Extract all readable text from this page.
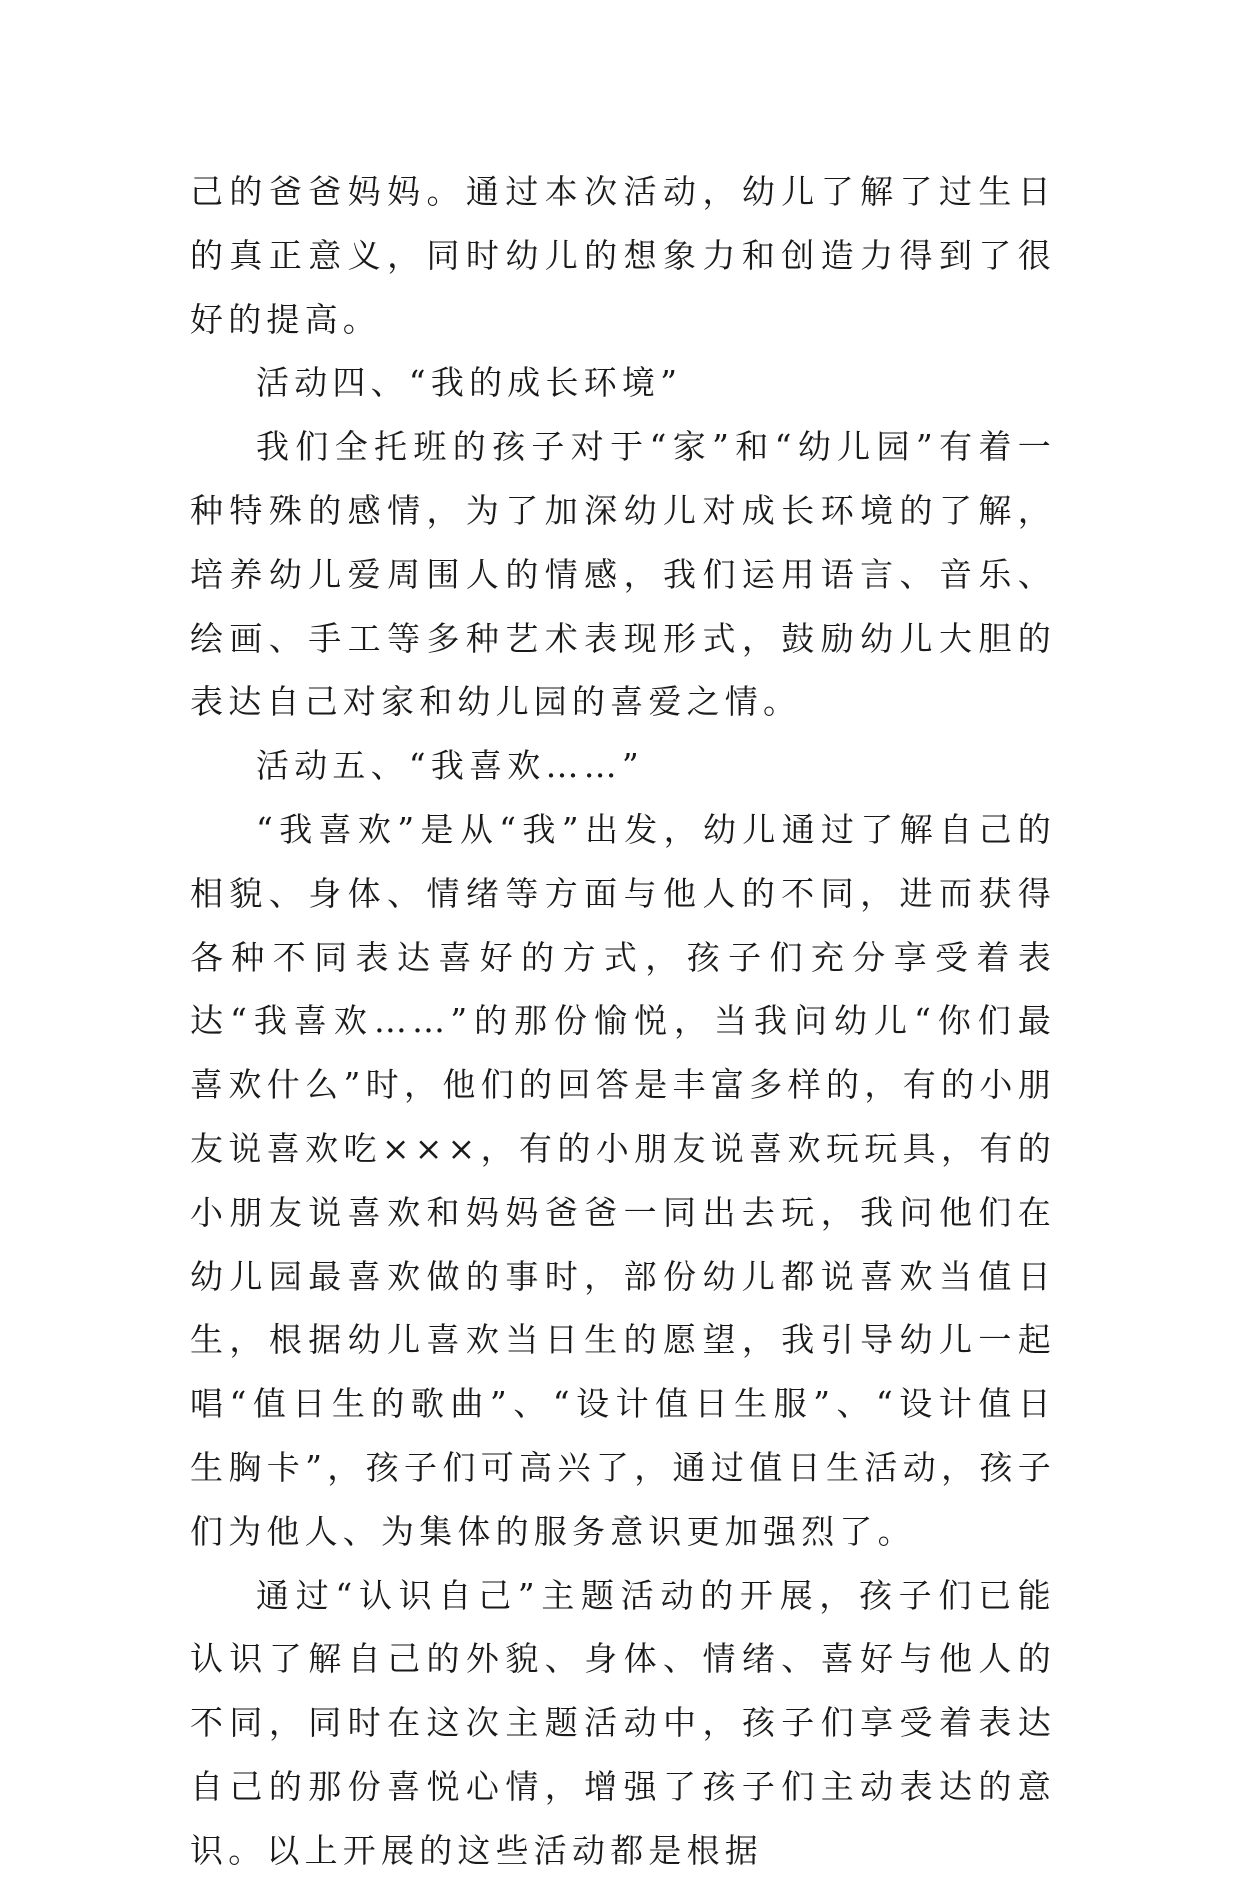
己的爸爸妈妈。通过本次活动，幼儿了解了过生日的真正意义，同时幼儿的想象力和创造力得到了很好的提高。

活动四、“我的成长环境”

我们全托班的孩子对于“家”和“幼儿园”有着一种特殊的感情，为了加深幼儿对成长环境的了解，培养幼儿爱周围人的情感，我们运用语言、音乐、绘画、手工等多种艺术表现形式，鼓励幼儿大胆的表达自己对家和幼儿园的喜爱之情。

活动五、“我喜欢……”

“我喜欢”是从“我”出发，幼儿通过了解自己的相貌、身体、情绪等方面与他人的不同，进而获得各种不同表达喜好的方式，孩子们充分享受着表达“我喜欢……”的那份愉悦，当我问幼儿“你们最喜欢什么”时，他们的回答是丰富多样的，有的小朋友说喜欢吃×××，有的小朋友说喜欢玩玩具，有的小朋友说喜欢和妈妈爸爸一同出去玩，我问他们在幼儿园最喜欢做的事时，部份幼儿都说喜欢当值日生，根据幼儿喜欢当日生的愿望，我引导幼儿一起唱“值日生的歌曲”、“设计值日生服”、“设计值日生胸卡”，孩子们可高兴了，通过值日生活动，孩子们为他人、为集体的服务意识更加强烈了。

通过“认识自己”主题活动的开展，孩子们已能认识了解自己的外貌、身体、情绪、喜好与他人的不同，同时在这次主题活动中，孩子们享受着表达自己的那份喜悦心情，增强了孩子们主动表达的意识。以上开展的这些活动都是根据
